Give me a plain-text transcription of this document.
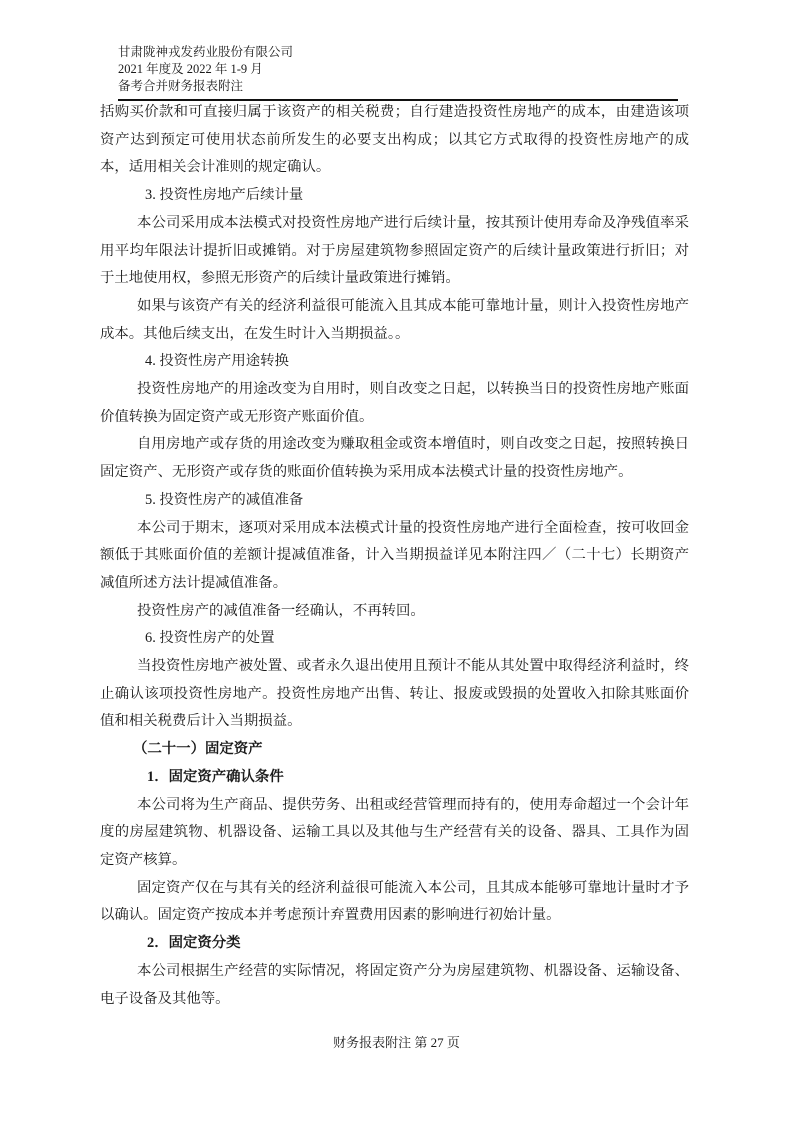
甘肃陇神戎发药业股份有限公司
2021 年度及 2022 年 1-9 月
备考合并财务报表附注

括购买价款和可直接归属于该资产的相关税费；自行建造投资性房地产的成本，由建造该项资产达到预定可使用状态前所发生的必要支出构成；以其它方式取得的投资性房地产的成本，适用相关会计准则的规定确认。

3. 投资性房地产后续计量

本公司采用成本法模式对投资性房地产进行后续计量，按其预计使用寿命及净残值率采用平均年限法计提折旧或摊销。对于房屋建筑物参照固定资产的后续计量政策进行折旧；对于土地使用权，参照无形资产的后续计量政策进行摊销。

如果与该资产有关的经济利益很可能流入且其成本能可靠地计量，则计入投资性房地产成本。其他后续支出，在发生时计入当期损益。。

4. 投资性房产用途转换

投资性房地产的用途改变为自用时，则自改变之日起，以转换当日的投资性房地产账面价值转换为固定资产或无形资产账面价值。

自用房地产或存货的用途改变为赚取租金或资本增值时，则自改变之日起，按照转换日固定资产、无形资产或存货的账面价值转换为采用成本法模式计量的投资性房地产。

5. 投资性房产的减值准备

本公司于期末，逐项对采用成本法模式计量的投资性房地产进行全面检查，按可收回金额低于其账面价值的差额计提减值准备，计入当期损益详见本附注四／（二十七）长期资产减值所述方法计提减值准备。

投资性房产的减值准备一经确认，不再转回。

6. 投资性房产的处置

当投资性房地产被处置、或者永久退出使用且预计不能从其处置中取得经济利益时，终止确认该项投资性房地产。投资性房地产出售、转让、报废或毁损的处置收入扣除其账面价值和相关税费后计入当期损益。

（二十一）固定资产

1．固定资产确认条件

本公司将为生产商品、提供劳务、出租或经营管理而持有的，使用寿命超过一个会计年度的房屋建筑物、机器设备、运输工具以及其他与生产经营有关的设备、器具、工具作为固定资产核算。

固定资产仅在与其有关的经济利益很可能流入本公司，且其成本能够可靠地计量时才予以确认。固定资产按成本并考虑预计弃置费用因素的影响进行初始计量。

2．固定资分类

本公司根据生产经营的实际情况，将固定资产分为房屋建筑物、机器设备、运输设备、电子设备及其他等。

财务报表附注 第 27 页
